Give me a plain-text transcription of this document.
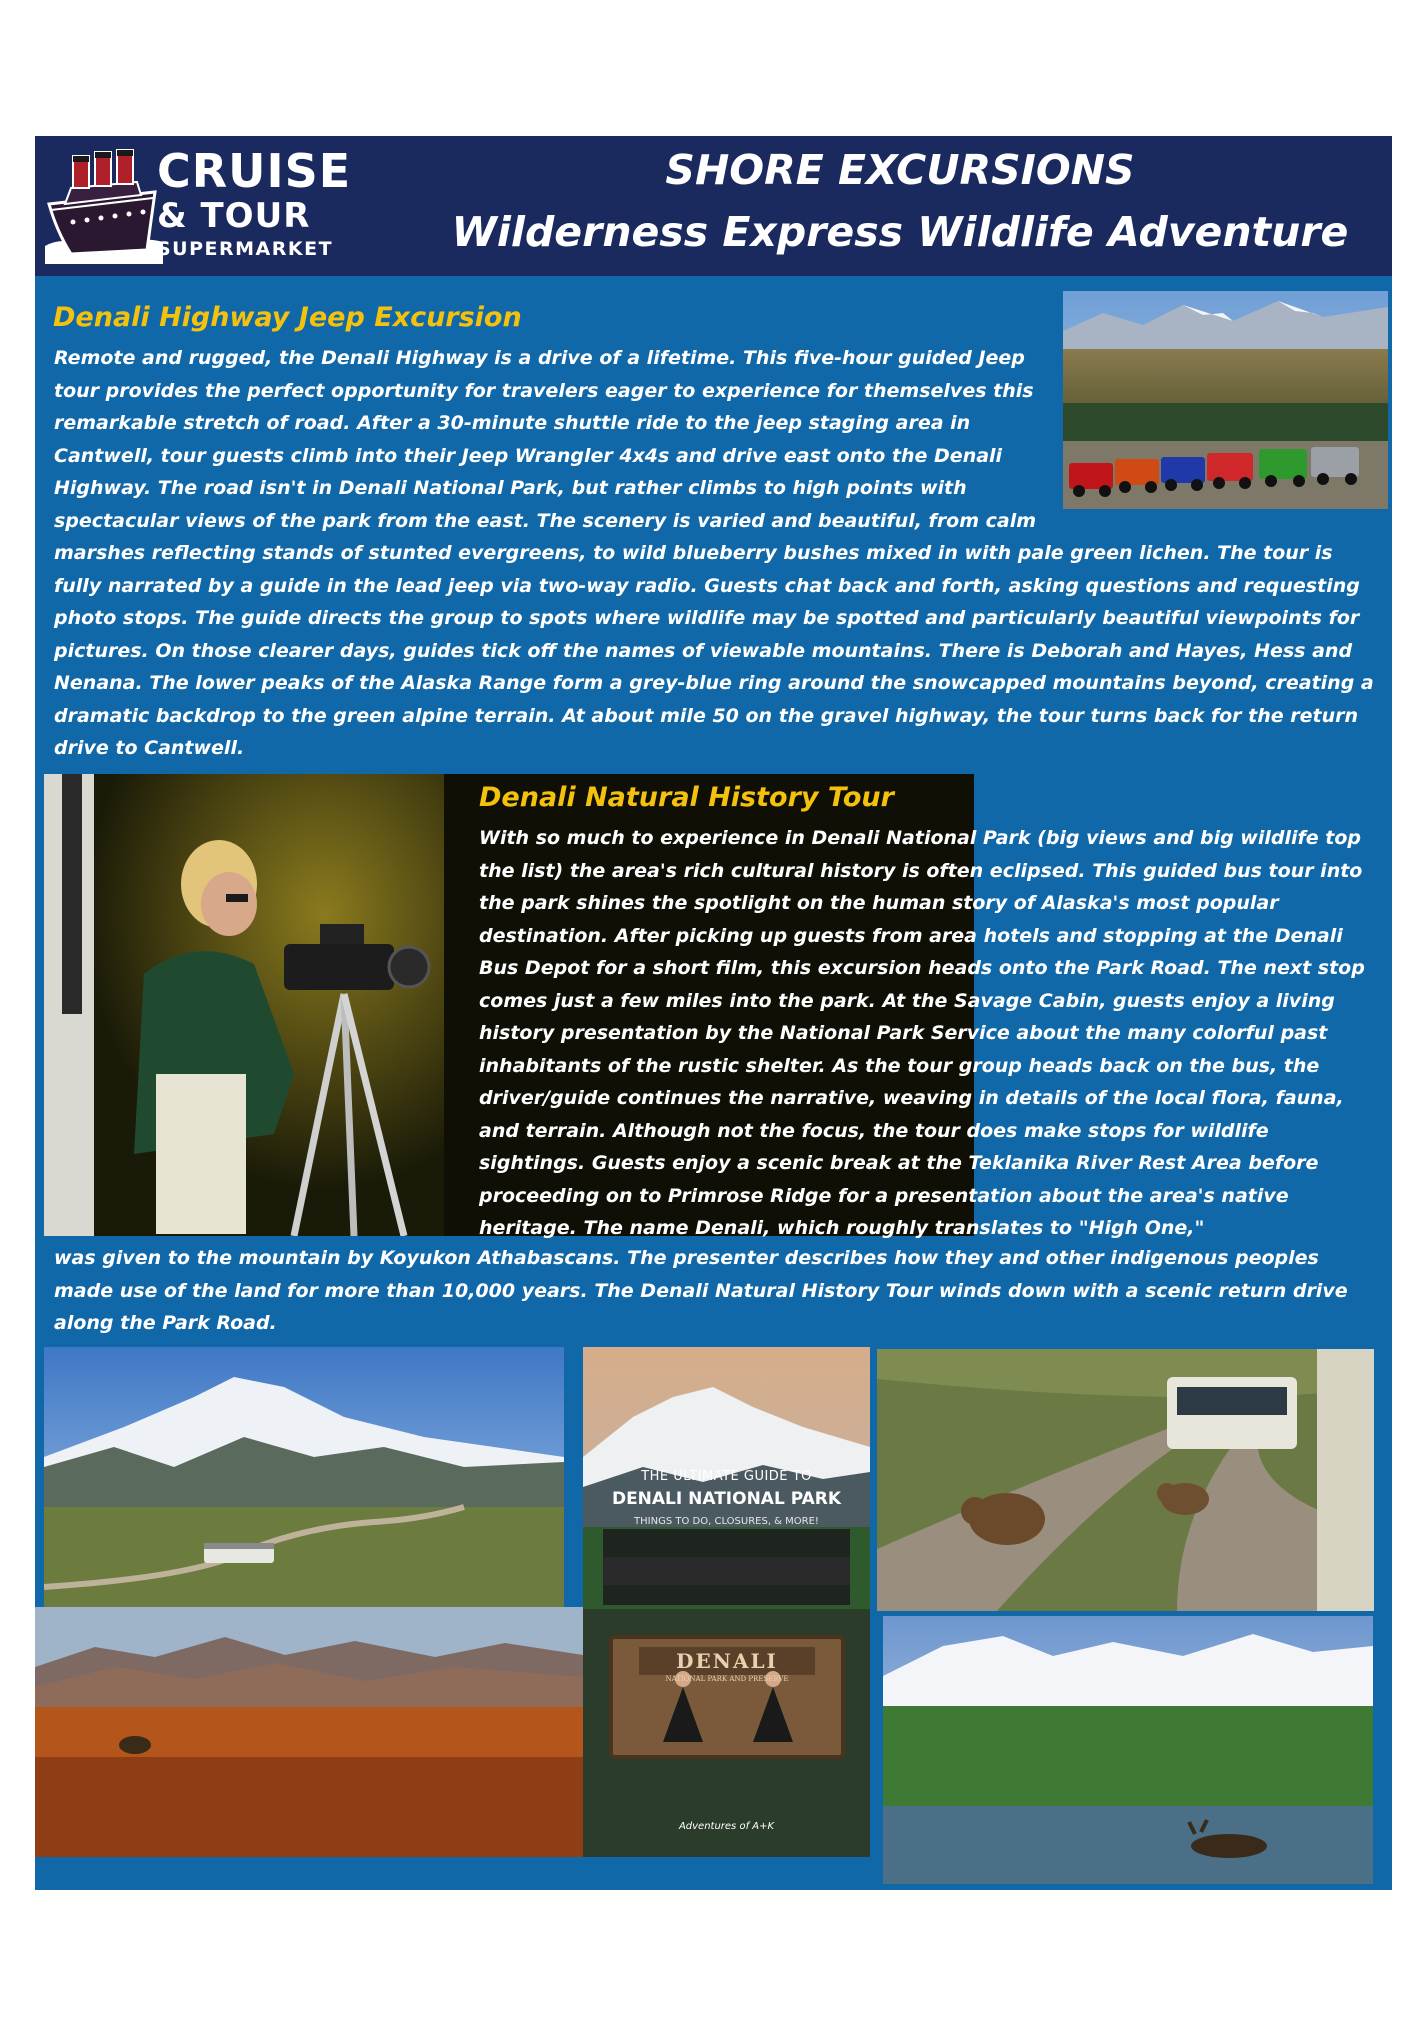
CRUISE
& TOUR
SUPERMARKET
SHORE EXCURSIONS
Wilderness Express Wildlife Adventure
Denali Highway Jeep Excursion

Remote and rugged, the Denali Highway is a drive of a lifetime. This five-hour guided Jeep tour provides the perfect opportunity for travelers eager to experience for themselves this remarkable stretch of road. After a 30-minute shuttle ride to the jeep staging area in Cantwell, tour guests climb into their Jeep Wrangler 4x4s and drive east onto the Denali Highway. The road isn't in Denali National Park, but rather climbs to high points with spectacular views of the park from the east. The scenery is varied and beautiful, from calm marshes reflecting stands of stunted evergreens, to wild blueberry bushes mixed in with pale green lichen. The tour is fully narrated by a guide in the lead jeep via two-way radio. Guests chat back and forth, asking questions and requesting photo stops. The guide directs the group to spots where wildlife may be spotted and particularly beautiful viewpoints for pictures. On those clearer days, guides tick off the names of viewable mountains. There is Deborah and Hayes, Hess and Nenana. The lower peaks of the Alaska Range form a grey-blue ring around the snowcapped mountains beyond, creating a dramatic backdrop to the green alpine terrain. At about mile 50 on the gravel highway, the tour turns back for the return drive to Cantwell.

Denali Natural History Tour

With so much to experience in Denali National Park (big views and big wildlife top the list) the area's rich cultural history is often eclipsed. This guided bus tour into the park shines the spotlight on the human story of Alaska's most popular destination. After picking up guests from area hotels and stopping at the Denali Bus Depot for a short film, this excursion heads onto the Park Road. The next stop comes just a few miles into the park. At the Savage Cabin, guests enjoy a living history presentation by the National Park Service about the many colorful past inhabitants of the rustic shelter. As the tour group heads back on the bus, the driver/guide continues the narrative, weaving in details of the local flora, fauna, and terrain. Although not the focus, the tour does make stops for wildlife sightings. Guests enjoy a scenic break at the Teklanika River Rest Area before proceeding on to Primrose Ridge for a presentation about the area's native heritage. The name Denali, which roughly translates to "High One,"

was given to the mountain by Koyukon Athabascans. The presenter describes how they and other indigenous peoples made use of the land for more than 10,000 years. The Denali Natural History Tour winds down with a scenic return drive along the Park Road.

THE ULTIMATE GUIDE TO
DENALI NATIONAL PARK
THINGS TO DO, CLOSURES, & MORE!
DENALI
NATIONAL PARK AND PRESERVE
Adventures of A+K
